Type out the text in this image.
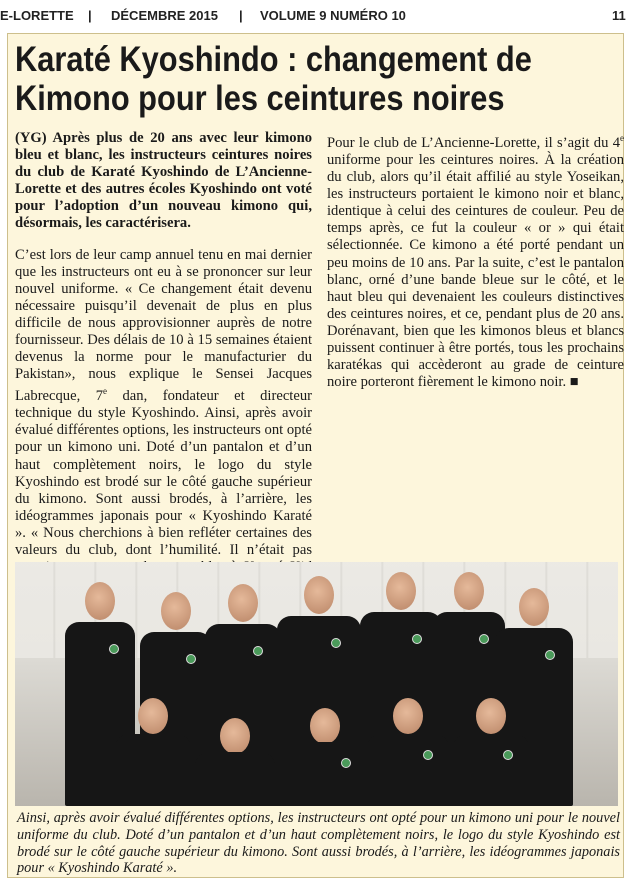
E-LORETTE | DÉCEMBRE 2015 | VOLUME 9 NUMÉRO 10	11
Karaté Kyoshindo : changement de
Kimono pour les ceintures noires

(YG) Après plus de 20 ans avec leur kimono bleu et blanc, les instructeurs ceintures noires du club de Karaté Kyoshindo de L’Ancienne-Lorette et des autres écoles Kyoshindo ont voté pour l’adoption d’un nouveau kimono qui, désormais, les caractérisera.

C’est lors de leur camp annuel tenu en mai dernier que les instructeurs ont eu à se prononcer sur leur nouvel uniforme. « Ce changement était devenu nécessaire puisqu’il devenait de plus en plus difficile de nous approvisionner auprès de notre fournisseur. Des délais de 10 à 15 semaines étaient devenus la norme pour le manufacturier du Pakistan», nous explique le Sensei Jacques Labrecque, 7e dan, fondateur et directeur technique du style Kyoshindo. Ainsi, après avoir évalué différentes options, les instructeurs ont opté pour un kimono uni. Doté d’un pantalon et d’un haut complètement noirs, le logo du style Kyoshindo est brodé sur le côté gauche supérieur du kimono. Sont aussi brodés, à l’arrière, les idéogrammes japonais pour « Kyoshindo Karaté ». « Nous cherchions à bien refléter certaines des valeurs du club, dont l’humilité. Il n’était pas

Pour le club de L’Ancienne-Lorette, il s’agit du 4e uniforme pour les ceintures noires. À la création du club, alors qu’il était affilié au style Yoseikan, les instructeurs portaient le kimono noir et blanc, identique à celui des ceintures de couleur. Peu de temps après, ce fut la couleur « or » qui était sélectionnée. Ce kimono a été porté pendant un peu moins de 10 ans. Par la suite, c’est le pantalon blanc, orné d’une bande bleue sur le côté, et le haut bleu qui devenaient les couleurs distinctives des ceintures noires, et ce, pendant plus de 20 ans. Dorénavant, bien que les kimonos bleus et blancs puissent continuer à être portés, tous les prochains karatékas qui accèderont au grade de ceinture noire porteront fièrement le kimono noir. ■

Ainsi, après avoir évalué différentes options, les instructeurs ont opté pour un kimono uni pour le nouvel uniforme du club. Doté d’un pantalon et d’un haut complètement noirs, le logo du style Kyoshindo est brodé sur le côté gauche supérieur du kimono. Sont aussi brodés, à l’arrière, les idéogrammes japonais pour « Kyoshindo Karaté ».
